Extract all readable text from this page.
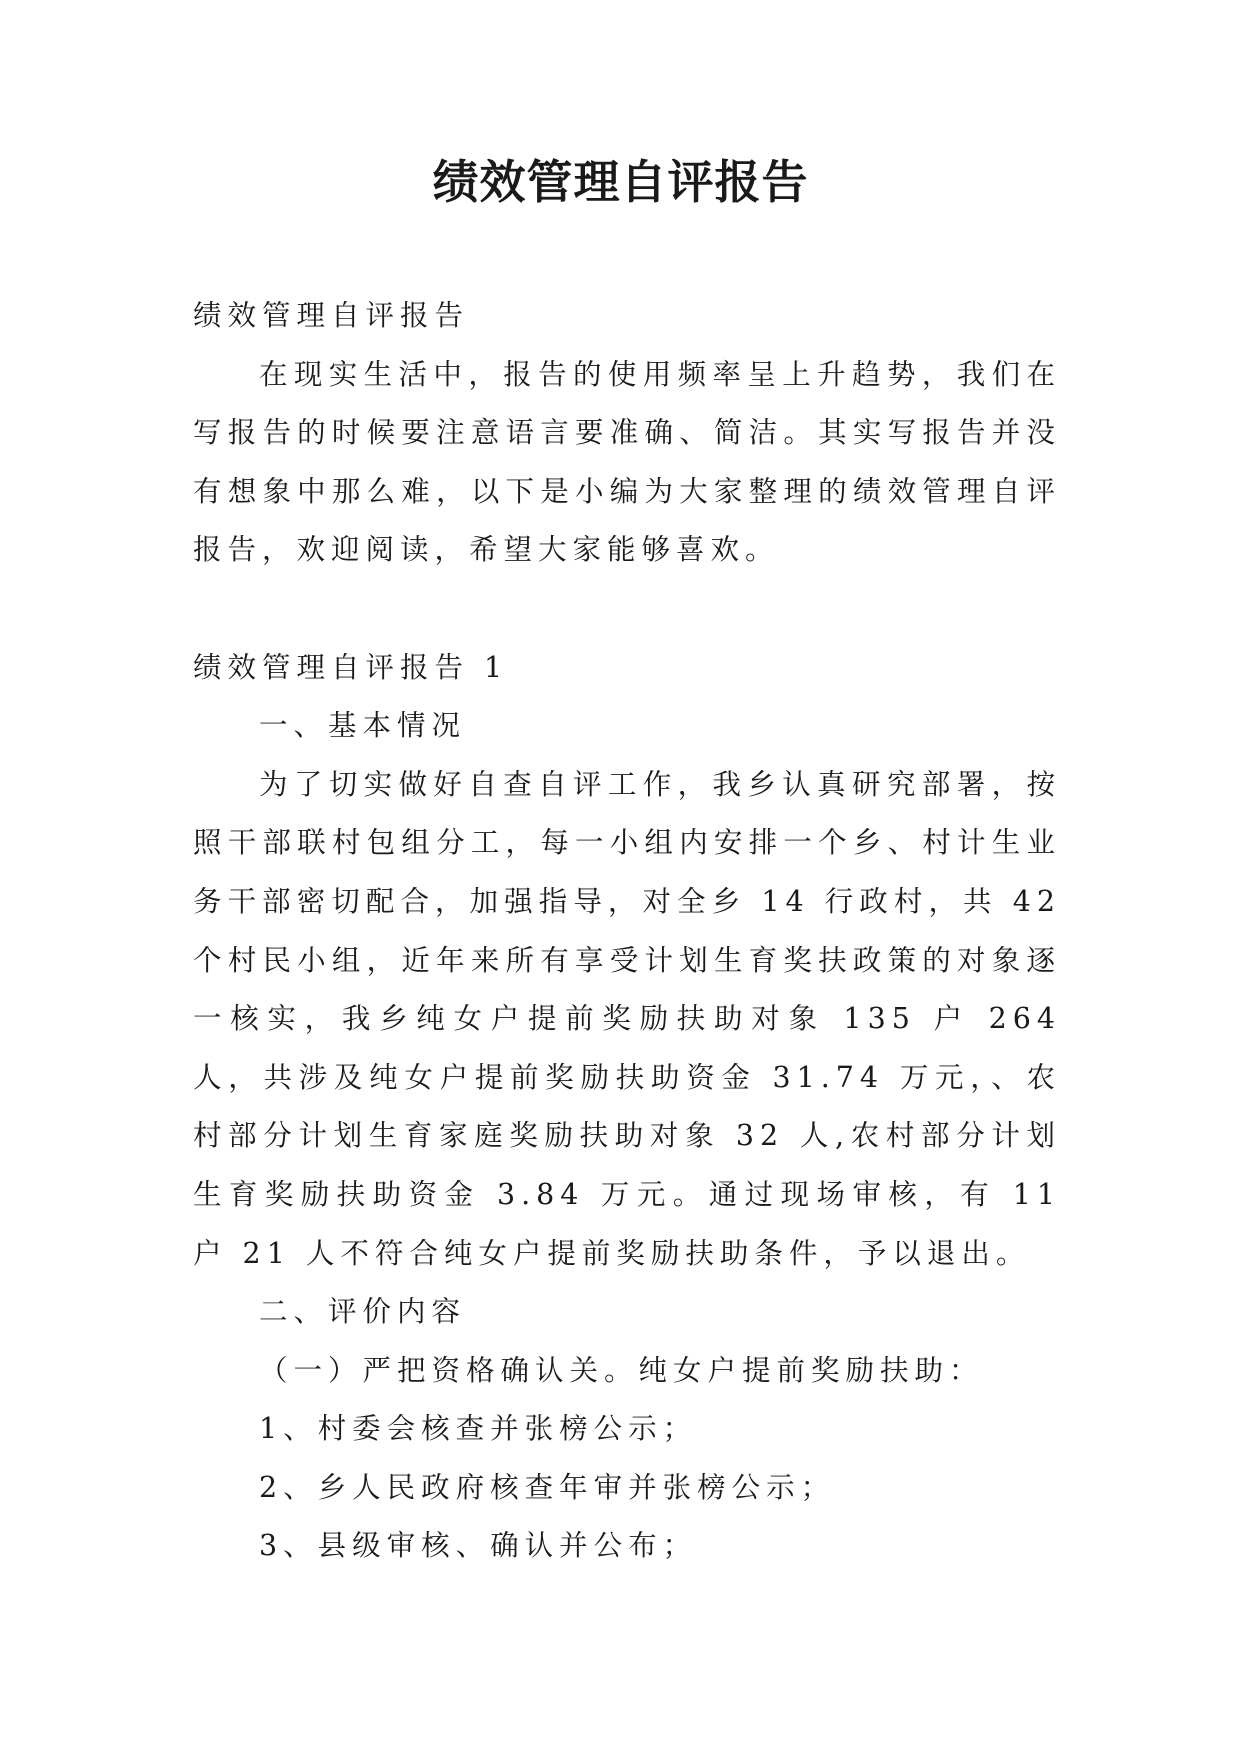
绩效管理自评报告

绩效管理自评报告

在现实生活中，报告的使用频率呈上升趋势，我们在写报告的时候要注意语言要准确、简洁。其实写报告并没有想象中那么难，以下是小编为大家整理的绩效管理自评报告，欢迎阅读，希望大家能够喜欢。

绩效管理自评报告 1

一、基本情况

为了切实做好自查自评工作，我乡认真研究部署，按照干部联村包组分工，每一小组内安排一个乡、村计生业务干部密切配合，加强指导，对全乡 14 行政村，共 42 个村民小组，近年来所有享受计划生育奖扶政策的对象逐一核实，我乡纯女户提前奖励扶助对象 135 户 264 人，共涉及纯女户提前奖励扶助资金 31.74 万元，、农村部分计划生育家庭奖励扶助对象 32 人,农村部分计划生育奖励扶助资金 3.84 万元。通过现场审核，有 11 户 21 人不符合纯女户提前奖励扶助条件，予以退出。

二、评价内容

（一）严把资格确认关。纯女户提前奖励扶助：

1、村委会核查并张榜公示；

2、乡人民政府核查年审并张榜公示；

3、县级审核、确认并公布；
